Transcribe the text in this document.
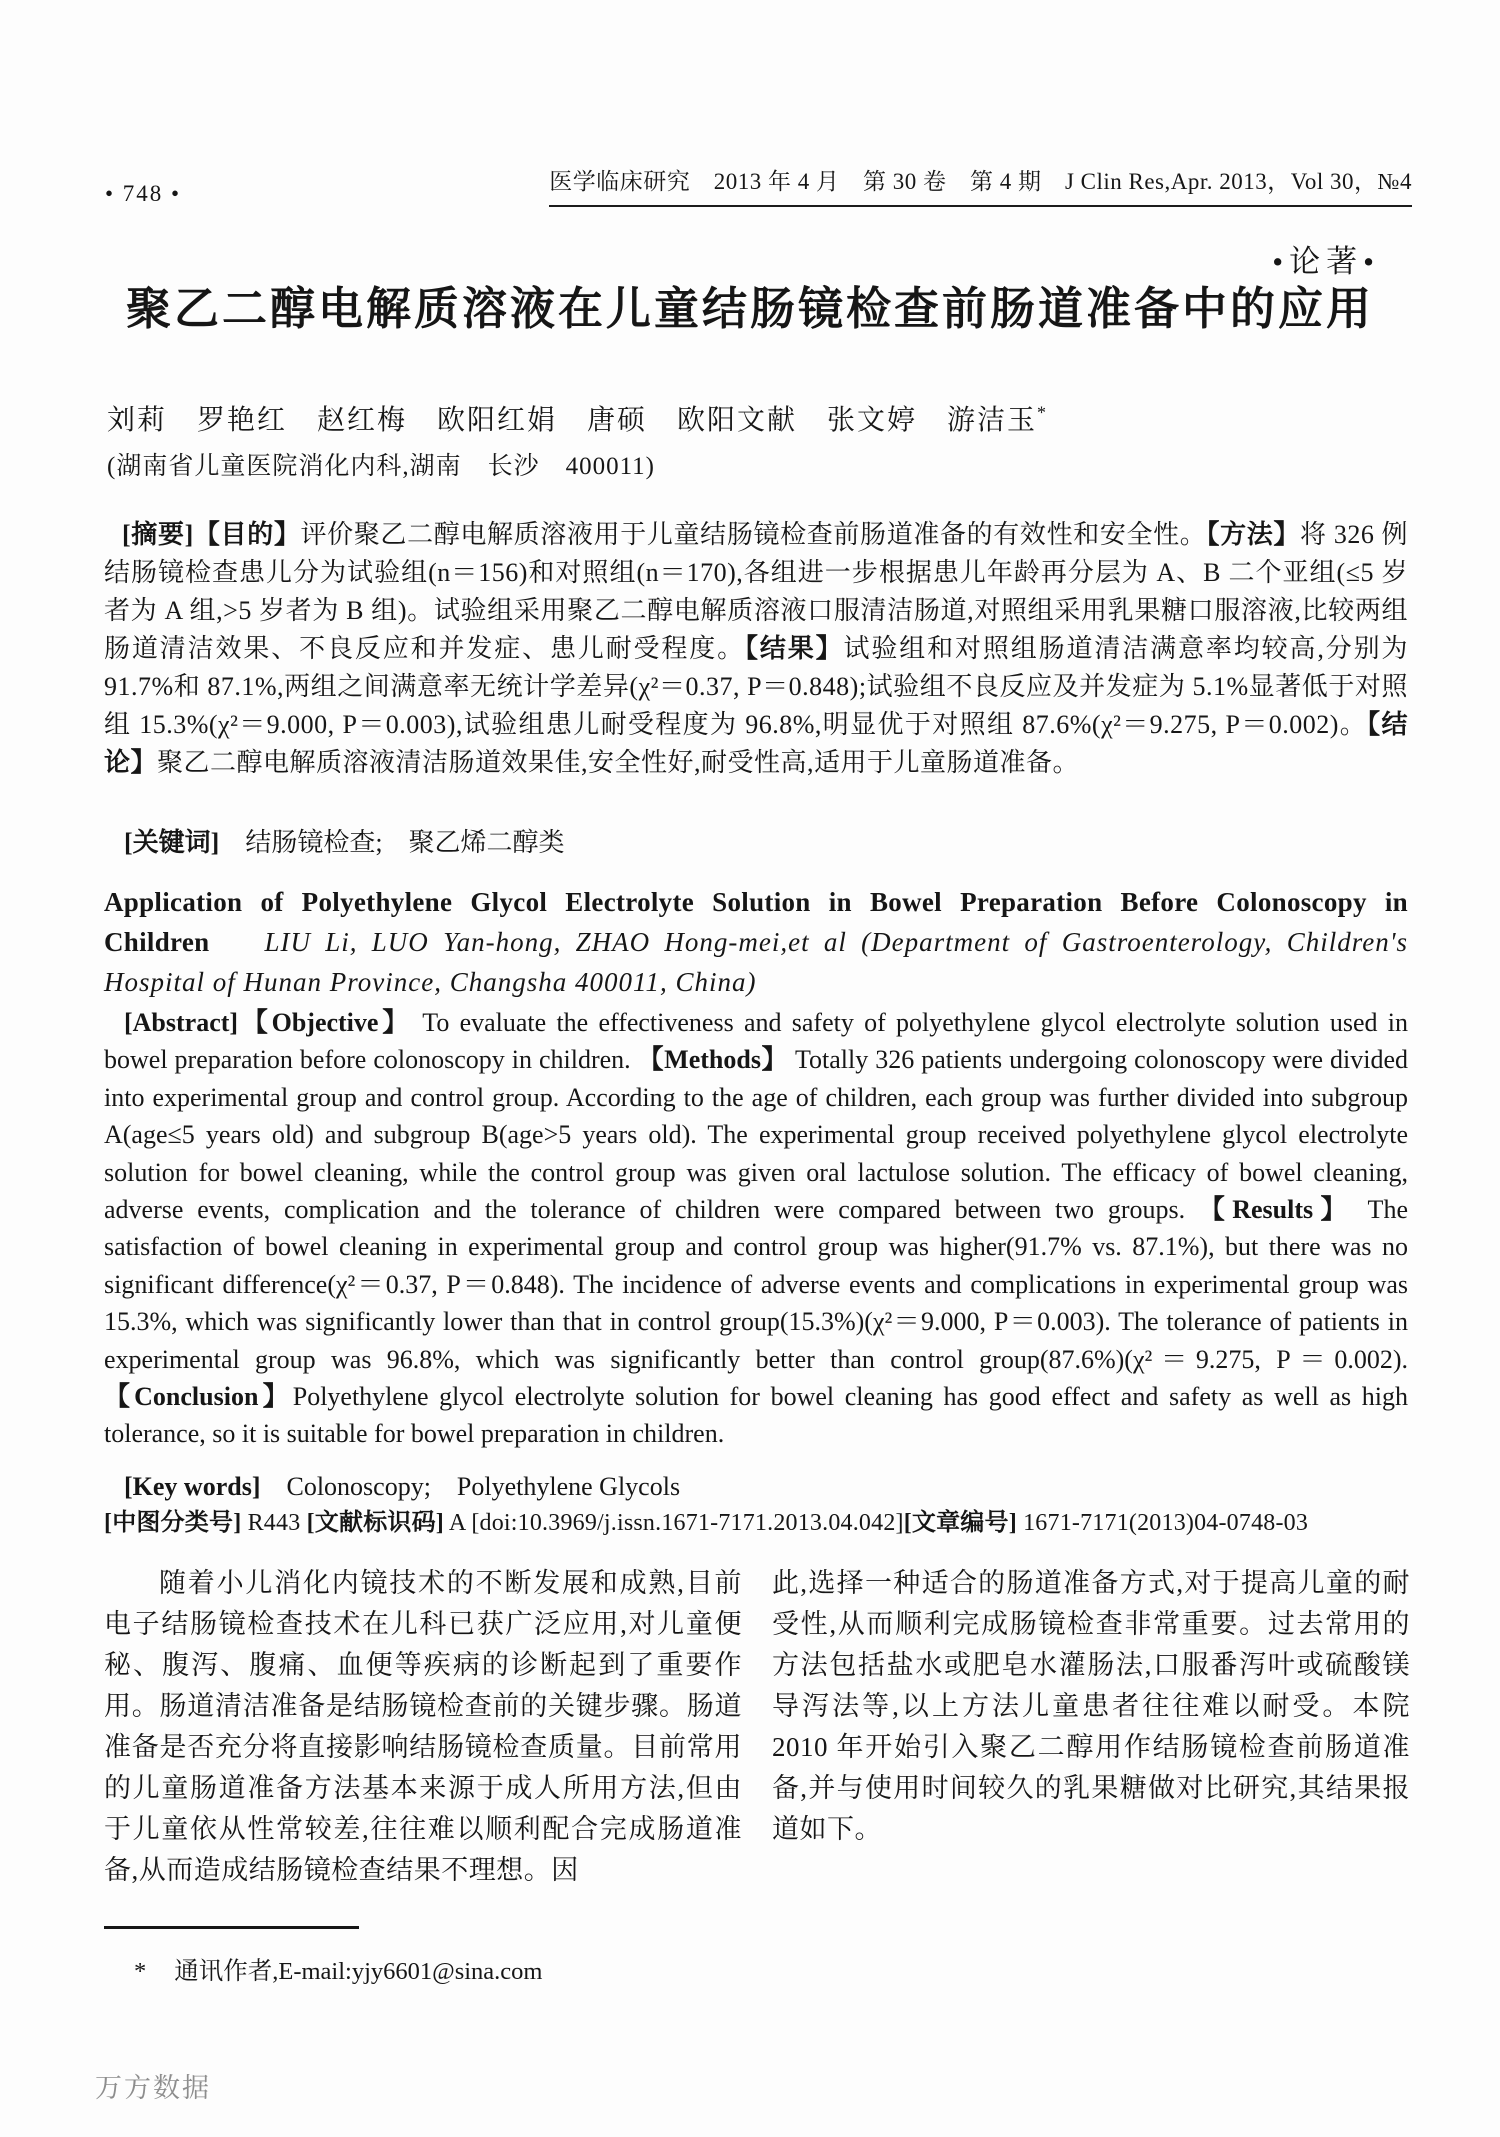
• 748 •	医学临床研究　2013 年 4 月　第 30 卷　第 4 期　J Clin Res,Apr. 2013，Vol 30，№4
•论著•
聚乙二醇电解质溶液在儿童结肠镜检查前肠道准备中的应用
刘莉　罗艳红　赵红梅　欧阳红娟　唐硕　欧阳文献　张文婷　游洁玉*
(湖南省儿童医院消化内科,湖南　长沙　400011)

[摘要]【目的】评价聚乙二醇电解质溶液用于儿童结肠镜检查前肠道准备的有效性和安全性。【方法】将 326 例结肠镜检查患儿分为试验组(n＝156)和对照组(n＝170),各组进一步根据患儿年龄再分层为 A、B 二个亚组(≤5 岁者为 A 组,>5 岁者为 B 组)。试验组采用聚乙二醇电解质溶液口服清洁肠道,对照组采用乳果糖口服溶液,比较两组肠道清洁效果、不良反应和并发症、患儿耐受程度。【结果】试验组和对照组肠道清洁满意率均较高,分别为 91.7%和 87.1%,两组之间满意率无统计学差异(χ²＝0.37, P＝0.848);试验组不良反应及并发症为 5.1%显著低于对照组 15.3%(χ²＝9.000, P＝0.003),试验组患儿耐受程度为 96.8%,明显优于对照组 87.6%(χ²＝9.275, P＝0.002)。【结论】聚乙二醇电解质溶液清洁肠道效果佳,安全性好,耐受性高,适用于儿童肠道准备。

[关键词] 结肠镜检查;　聚乙烯二醇类

Application of Polyethylene Glycol Electrolyte Solution in Bowel Preparation Before Colonoscopy in Children LIU Li, LUO Yan-hong, ZHAO Hong-mei,et al (Department of Gastroenterology, Children's Hospital of Hunan Province, Changsha 400011, China)

[Abstract]【Objective】 To evaluate the effectiveness and safety of polyethylene glycol electrolyte solution used in bowel preparation before colonoscopy in children. 【Methods】 Totally 326 patients undergoing colonoscopy were divided into experimental group and control group. According to the age of children, each group was further divided into subgroup A(age≤5 years old) and subgroup B(age>5 years old). The experimental group received polyethylene glycol electrolyte solution for bowel cleaning, while the control group was given oral lactulose solution. The efficacy of bowel cleaning, adverse events, complication and the tolerance of children were compared between two groups. 【Results】 The satisfaction of bowel cleaning in experimental group and control group was higher(91.7% vs. 87.1%), but there was no significant difference(χ²＝0.37, P＝0.848). The incidence of adverse events and complications in experimental group was 15.3%, which was significantly lower than that in control group(15.3%)(χ²＝9.000, P＝0.003). The tolerance of patients in experimental group was 96.8%, which was significantly better than control group(87.6%)(χ²＝9.275, P＝0.002). 【Conclusion】Polyethylene glycol electrolyte solution for bowel cleaning has good effect and safety as well as high tolerance, so it is suitable for bowel preparation in children.

[Key words] Colonoscopy;　Polyethylene Glycols

[中图分类号] R443 [文献标识码] A [doi:10.3969/j.issn.1671-7171.2013.04.042][文章编号] 1671-7171(2013)04-0748-03

随着小儿消化内镜技术的不断发展和成熟,目前电子结肠镜检查技术在儿科已获广泛应用,对儿童便秘、腹泻、腹痛、血便等疾病的诊断起到了重要作用。肠道清洁准备是结肠镜检查前的关键步骤。肠道准备是否充分将直接影响结肠镜检查质量。目前常用的儿童肠道准备方法基本来源于成人所用方法,但由于儿童依从性常较差,往往难以顺利配合完成肠道准备,从而造成结肠镜检查结果不理想。因
此,选择一种适合的肠道准备方式,对于提高儿童的耐受性,从而顺利完成肠镜检查非常重要。过去常用的方法包括盐水或肥皂水灌肠法,口服番泻叶或硫酸镁导泻法等,以上方法儿童患者往往难以耐受。本院 2010 年开始引入聚乙二醇用作结肠镜检查前肠道准备,并与使用时间较久的乳果糖做对比研究,其结果报道如下。

* 通讯作者,E-mail:yjy6601@sina.com

万方数据
